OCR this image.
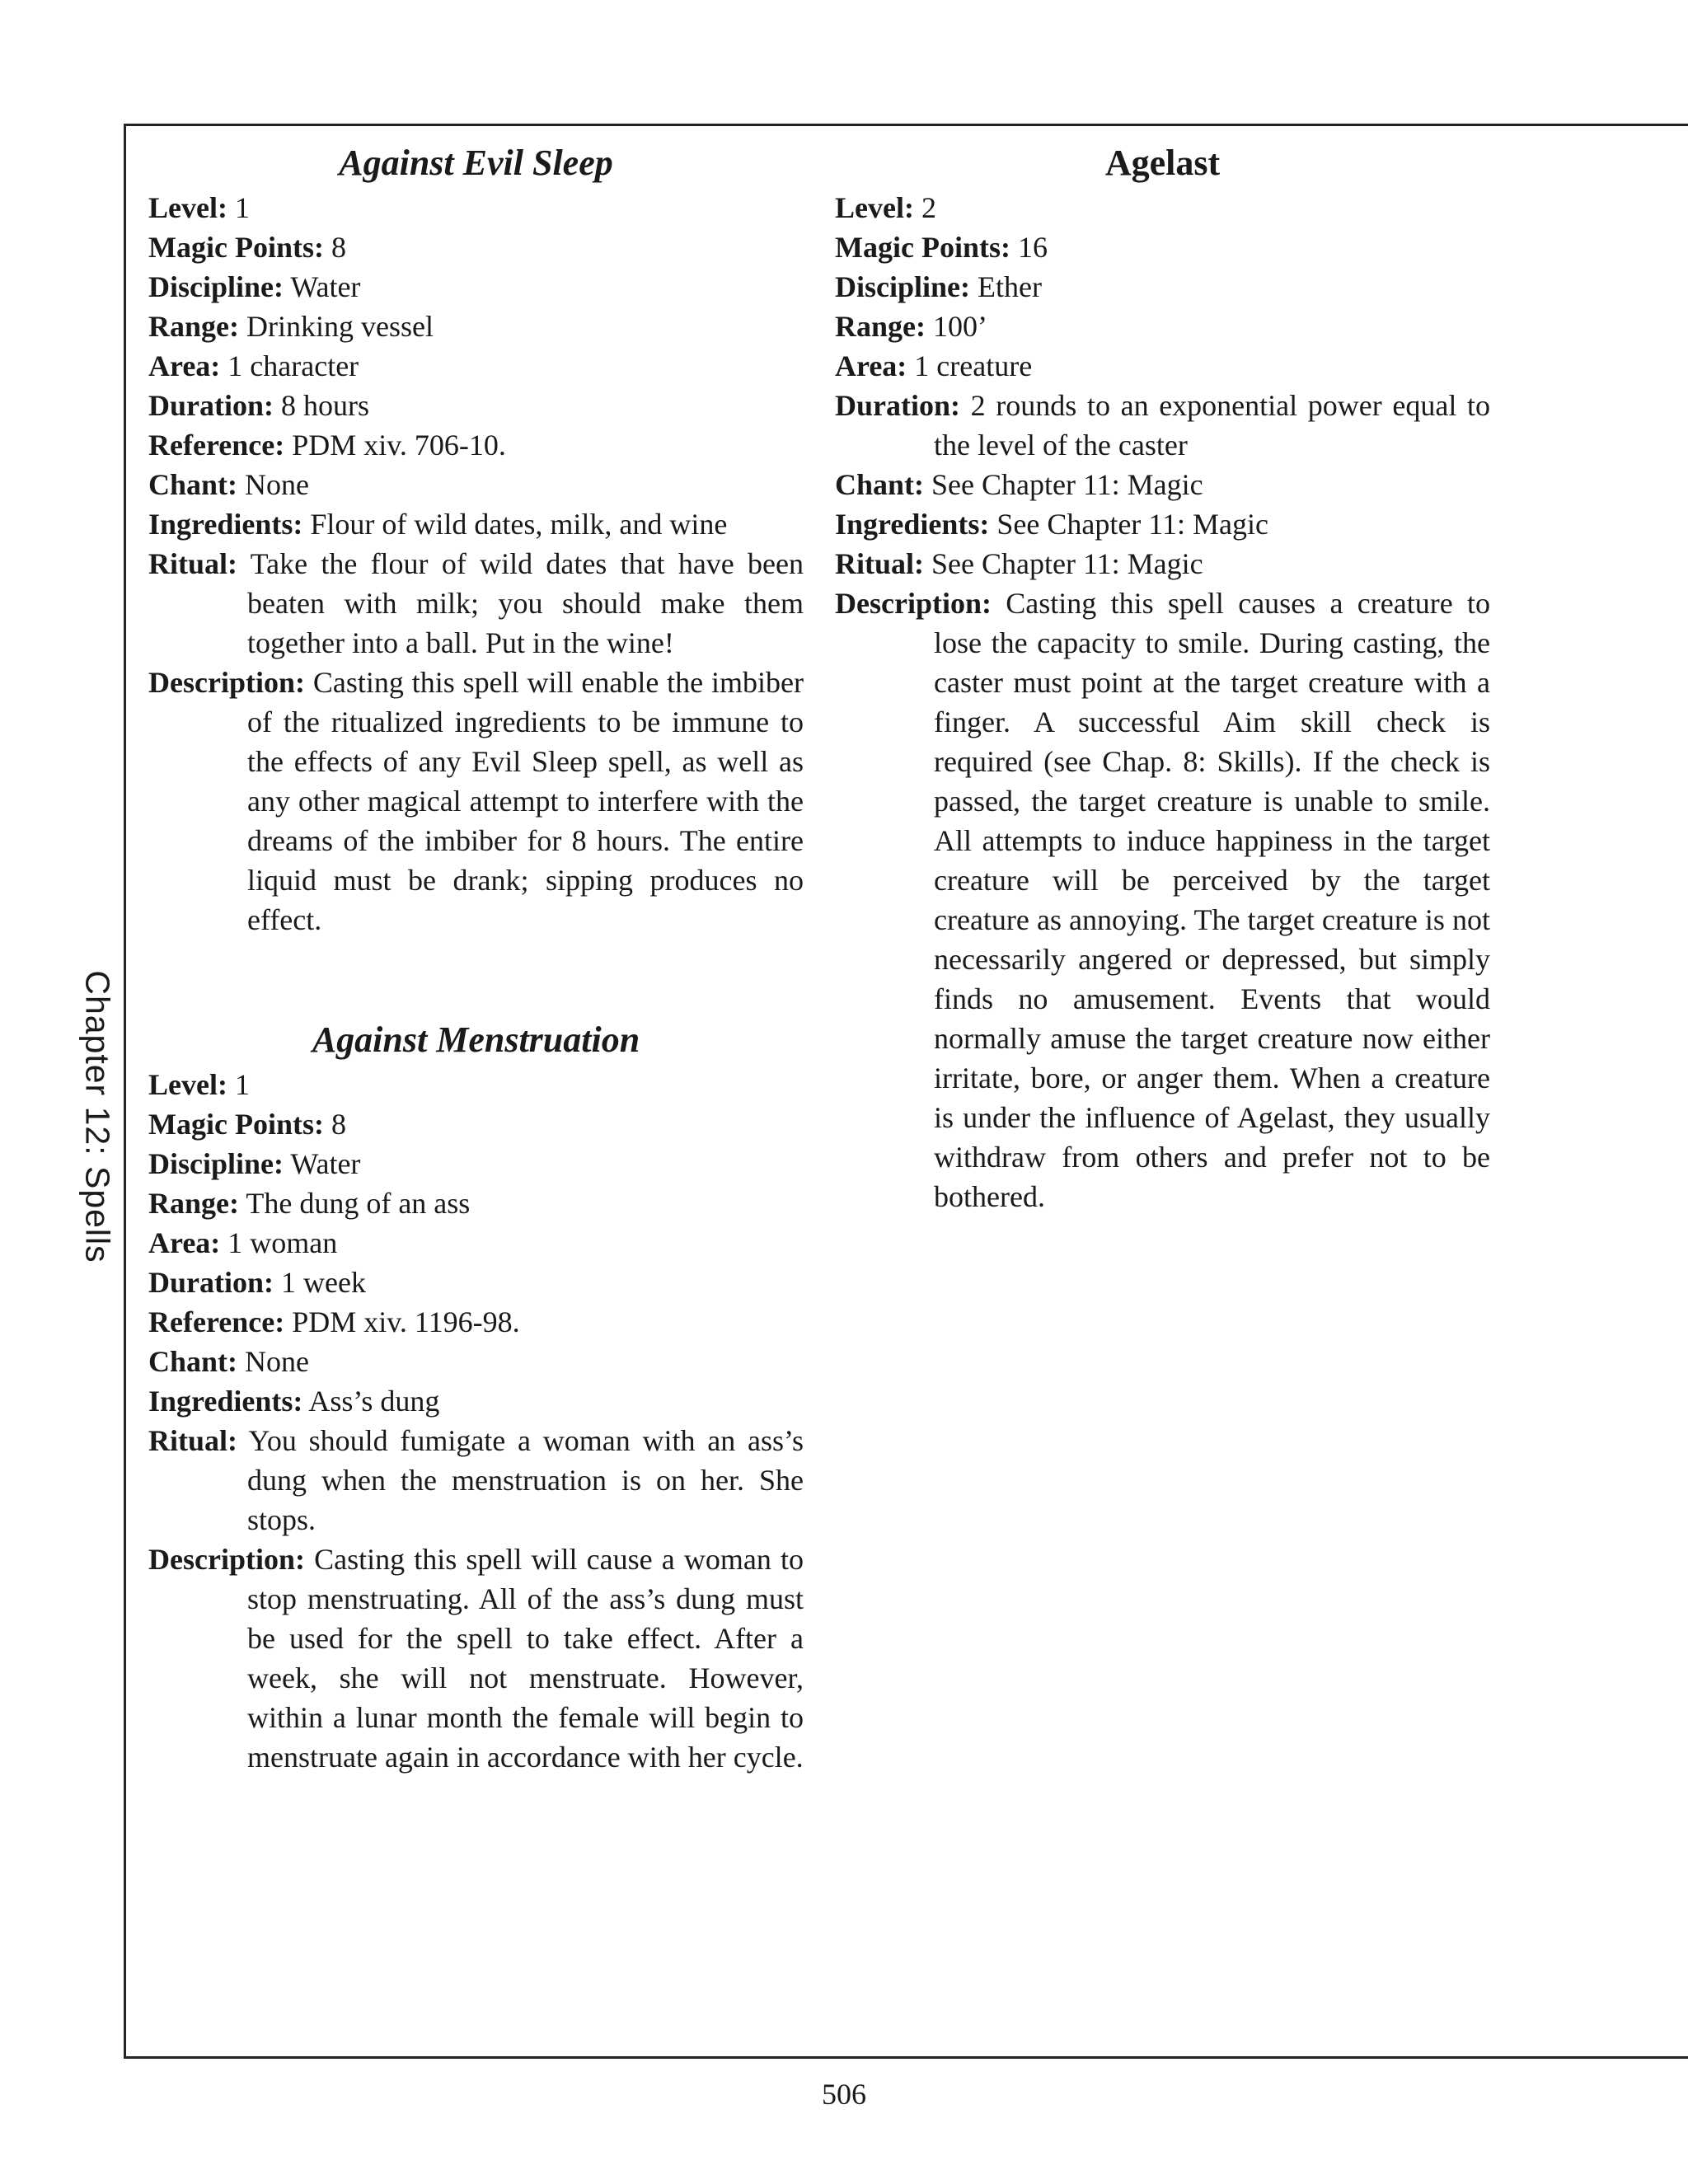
Chapter 12: Spells
Against Evil Sleep

Level: 1

Magic Points: 8

Discipline: Water

Range: Drinking vessel

Area: 1 character

Duration: 8 hours

Reference: PDM xiv. 706-10.

Chant: None

Ingredients: Flour of wild dates, milk, and wine

Ritual: Take the flour of wild dates that have been beaten with milk; you should make them together into a ball. Put in the wine!

Description: Casting this spell will enable the imbiber of the ritualized ingredients to be immune to the effects of any Evil Sleep spell, as well as any other magical attempt to interfere with the dreams of the imbiber for 8 hours. The entire liquid must be drank; sipping produces no effect.

Against Menstruation

Level: 1

Magic Points: 8

Discipline: Water

Range: The dung of an ass

Area: 1 woman

Duration: 1 week

Reference: PDM xiv. 1196-98.

Chant: None

Ingredients: Ass’s dung

Ritual: You should fumigate a woman with an ass’s dung when the menstruation is on her. She stops.

Description: Casting this spell will cause a woman to stop menstruating. All of the ass’s dung must be used for the spell to take effect. After a week, she will not menstruate. However, within a lunar month the female will begin to menstruate again in accordance with her cycle.

Agelast

Level: 2

Magic Points: 16

Discipline: Ether

Range: 100’

Area: 1 creature

Duration: 2 rounds to an exponential power equal to the level of the caster

Chant: See Chapter 11: Magic

Ingredients: See Chapter 11: Magic

Ritual: See Chapter 11: Magic

Description: Casting this spell causes a creature to lose the capacity to smile. During casting, the caster must point at the target creature with a finger. A successful Aim skill check is required (see Chap. 8: Skills). If the check is passed, the target creature is unable to smile. All attempts to induce happiness in the target creature will be perceived by the target creature as annoying. The target creature is not necessarily angered or depressed, but simply finds no amusement. Events that would normally amuse the target creature now either irritate, bore, or anger them. When a creature is under the influence of Agelast, they usually withdraw from others and prefer not to be bothered.

506
